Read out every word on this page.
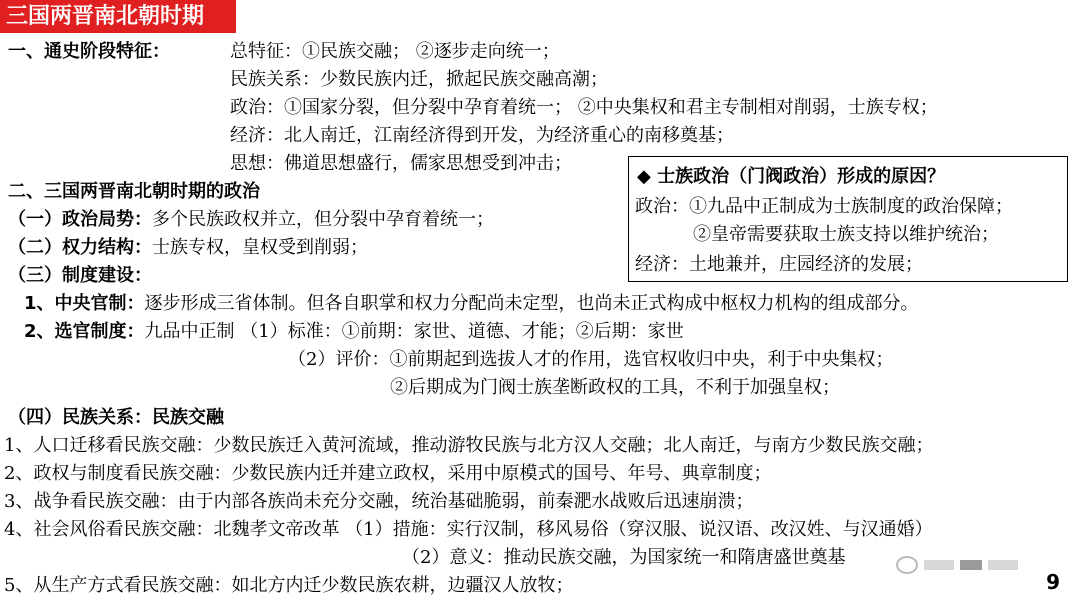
三国两晋南北朝时期
一、通史阶段特征：	总特征：①民族交融； ②逐步走向统一；
民族关系：少数民族内迁，掀起民族交融高潮；
政治：①国家分裂，但分裂中孕育着统一； ②中央集权和君主专制相对削弱，士族专权；
经济：北人南迁，江南经济得到开发，为经济重心的南移奠基；
思想：佛道思想盛行，儒家思想受到冲击；
◆ 士族政治（门阀政治）形成的原因？
政治：①九品中正制成为士族制度的政治保障；
②皇帝需要获取士族支持以维护统治；
经济：土地兼并，庄园经济的发展；
二、三国两晋南北朝时期的政治
（一）政治局势：多个民族政权并立，但分裂中孕育着统一；
（二）权力结构：士族专权，皇权受到削弱；
（三）制度建设：
1、中央官制：逐步形成三省体制。但各自职掌和权力分配尚未定型，也尚未正式构成中枢权力机构的组成部分。
2、选官制度：九品中正制 （1）标准：①前期：家世、道德、才能；②后期：家世
（2）评价：①前期起到选拔人才的作用，选官权收归中央，利于中央集权；
②后期成为门阀士族垄断政权的工具，不利于加强皇权；
（四）民族关系：民族交融
1、人口迁移看民族交融：少数民族迁入黄河流域，推动游牧民族与北方汉人交融；北人南迁，与南方少数民族交融；
2、政权与制度看民族交融：少数民族内迁并建立政权，采用中原模式的国号、年号、典章制度；
3、战争看民族交融：由于内部各族尚未充分交融，统治基础脆弱，前秦淝水战败后迅速崩溃；
4、社会风俗看民族交融：北魏孝文帝改革 （1）措施：实行汉制，移风易俗（穿汉服、说汉语、改汉姓、与汉通婚）
（2）意义：推动民族交融，为国家统一和隋唐盛世奠基
5、从生产方式看民族交融：如北方内迁少数民族农耕，边疆汉人放牧；	9
